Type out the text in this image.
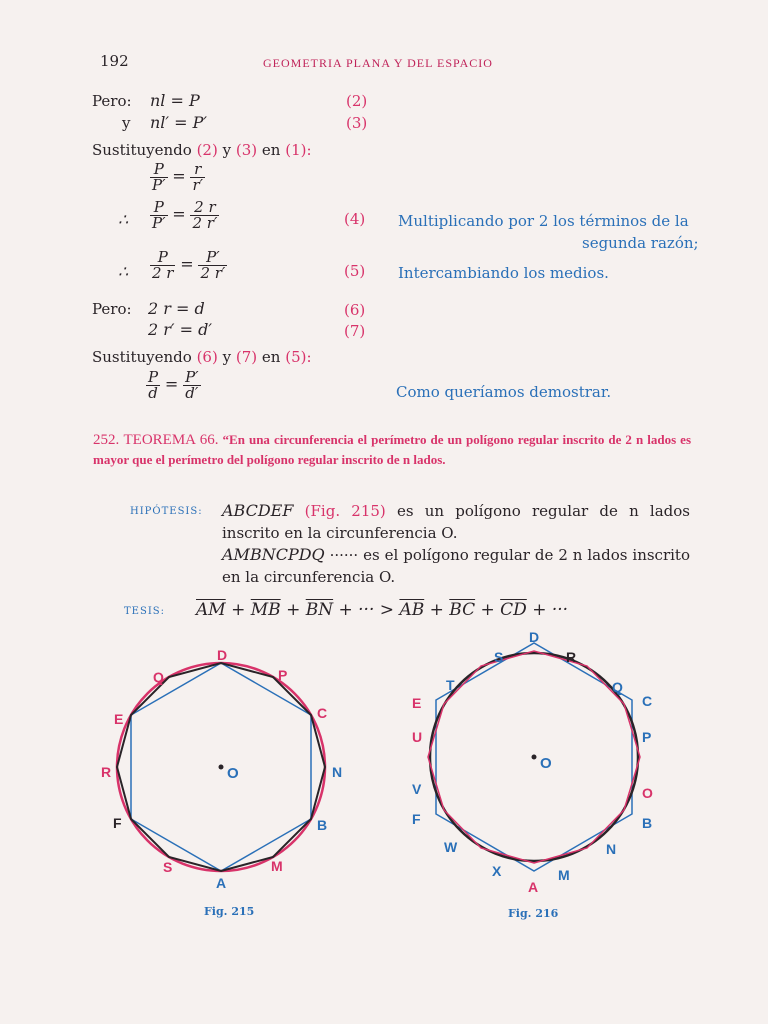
192	GEOMETRIA PLANA Y DEL ESPACIO
Pero: nl = P	(2)
y nl′ = P′	(3)
Sustituyendo (2) y (3) en (1):
$\frac{P}{P'} = \frac{r}{r'}$
∴ $\frac{P}{P'} = \frac{2 r}{2 r'}$	(4) Multiplicando por 2 los términos de la
segunda razón;
∴ $\frac{P}{2 r} = \frac{P'}{2 r'}$	(5) Intercambiando los medios.
Pero: 2 r = d	(6)
2 r′ = d′	(7)
Sustituyendo (6) y (7) en (5):
$\frac{P}{d} = \frac{P'}{d'}$	Como queríamos demostrar.
252. TEOREMA 66. “En una circunferencia el perímetro de un polígono regular inscrito de 2 n lados es mayor que el perímetro del polígono regular inscrito de n lados.
HIPÓTESIS: ABCDEF (Fig. 215) es un polígono regular de n lados inscrito en la circunferencia O.
AMBNCPDQ ······ es el polígono regular de 2 n lados inscrito en la circunferencia O.
TESIS: $\overline{AM} + \overline{MB} + \overline{BN}$ + ··· > $\overline{AB} + \overline{BC} + \overline{CD}$ + ···
D
P
Q
C
E
R	N
F	B
S
A
M
O
Fig. 215
D
S	R
T	Q
C
E
U	P
V	O
F	B
W	N
X	M
A
O
Fig. 216
